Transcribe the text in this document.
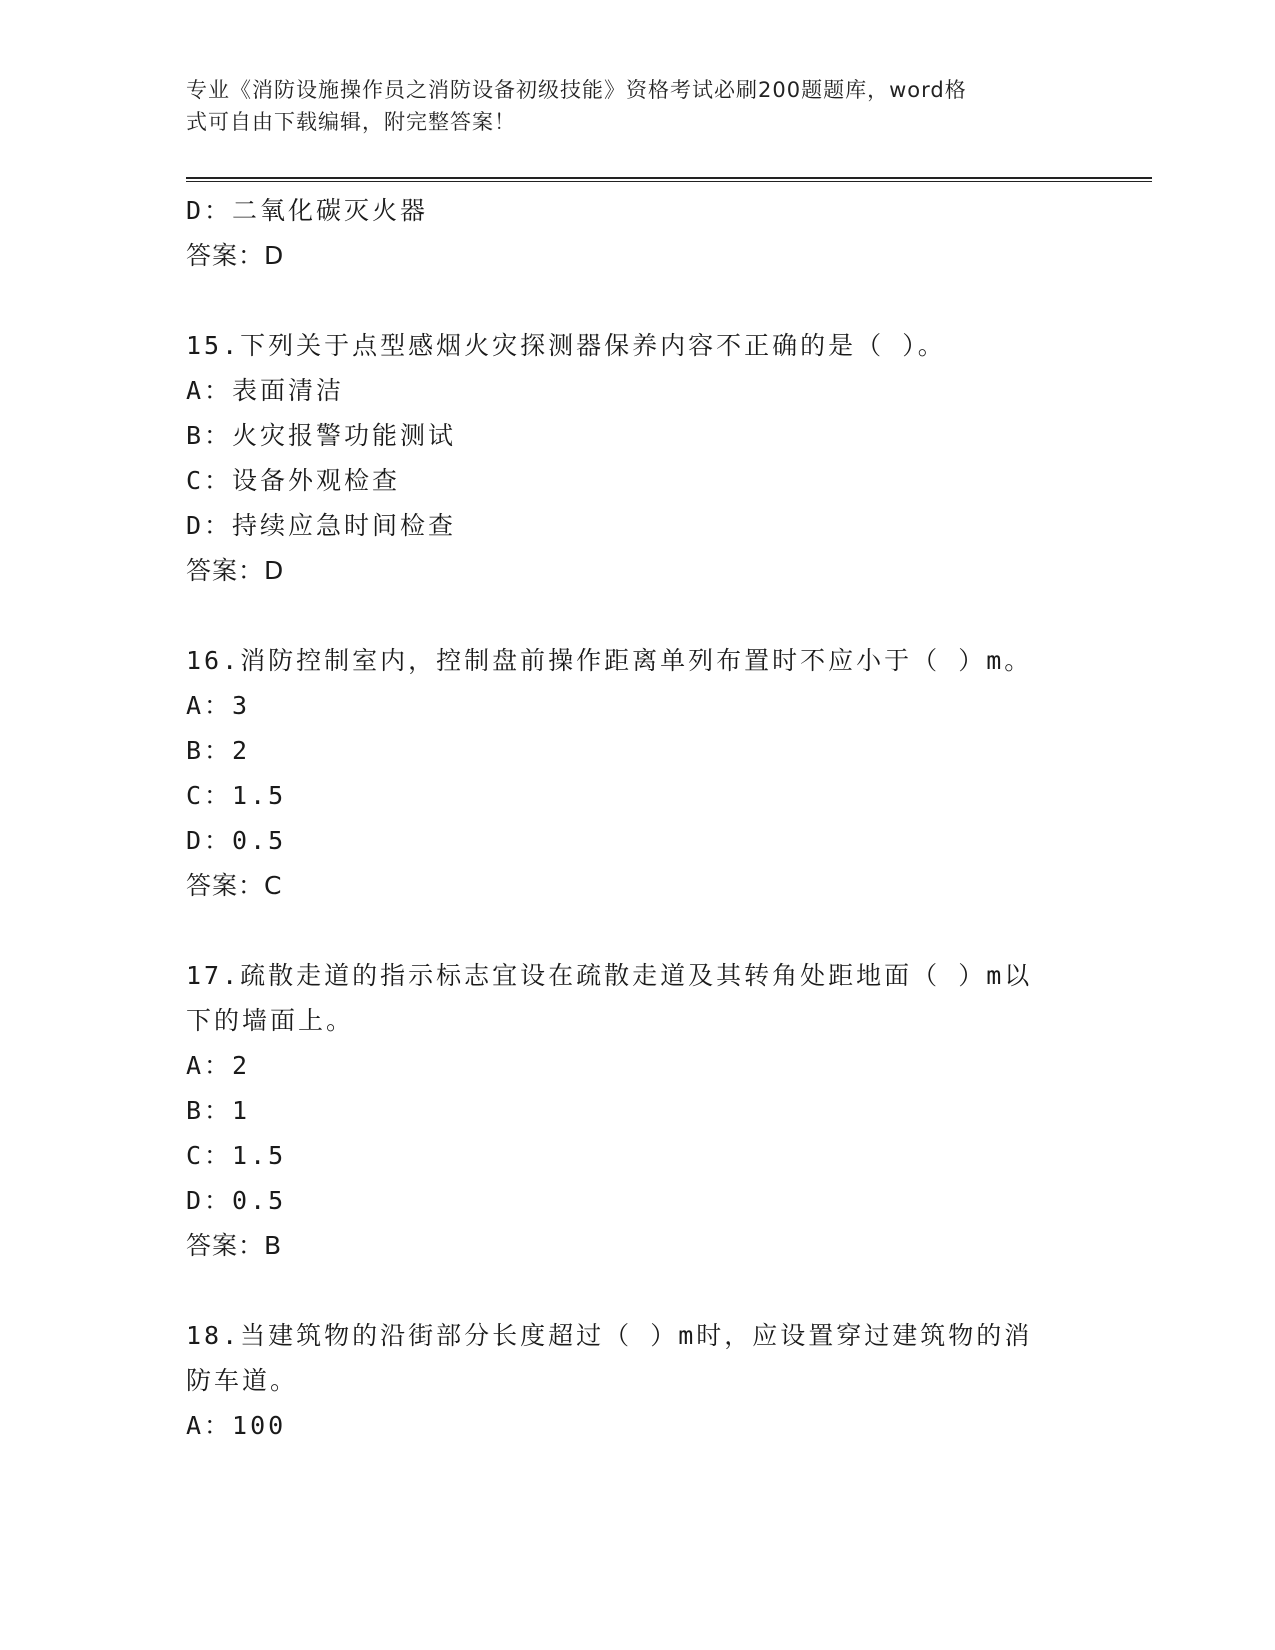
专业《消防设施操作员之消防设备初级技能》资格考试必刷200题题库，word格
式可自由下载编辑，附完整答案！
D：二氧化碳灭火器
答案：D
15.下列关于点型感烟火灾探测器保养内容不正确的是（ ）。
A：表面清洁
B：火灾报警功能测试
C：设备外观检查
D：持续应急时间检查
答案：D
16.消防控制室内，控制盘前操作距离单列布置时不应小于（ ）m。
A：3
B：2
C：1.5
D：0.5
答案：C
17.疏散走道的指示标志宜设在疏散走道及其转角处距地面（ ）m以
下的墙面上。
A：2
B：1
C：1.5
D：0.5
答案：B
18.当建筑物的沿街部分长度超过（ ）m时，应设置穿过建筑物的消
防车道。
A：100
